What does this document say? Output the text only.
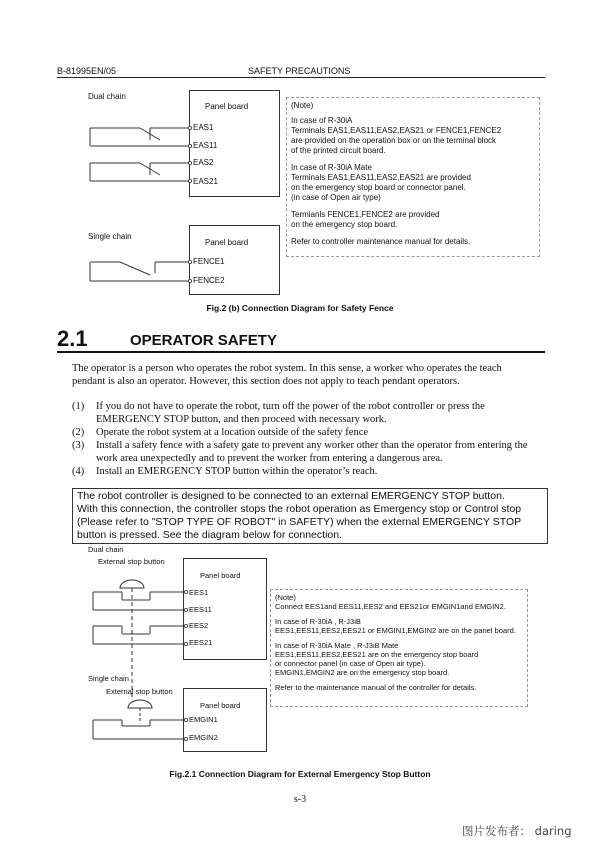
B-81995EN/05	SAFETY PRECAUTIONS
Dual chain
Panel board
EAS1
EAS11
EAS2
EAS21
Single chain
Panel board
FENCE1
FENCE2
(Note)
In case of R-30iA
Terminals EAS1,EAS11,EAS2,EAS21 or FENCE1,FENCE2
are provided on the operation box or on the terminal block
of the printed circuit board.
In case of R-30iA Mate
Terminals EAS1,EAS11,EAS2,EAS21 are provided
on the emergency stop board or connector panel.
(in case of Open air type)
Termianls FENCE1,FENCE2 are provided
on the emergency stop board.
Refer to controller maintenance manual for details.
Fig.2 (b) Connection Diagram for Safety Fence
2.1	OPERATOR SAFETY
The operator is a person who operates the robot system. In this sense, a worker who operates the teach
pendant is also an operator. However, this section does not apply to teach pendant operators.
(1) If you do not have to operate the robot, turn off the power of the robot controller or press the
EMERGENCY STOP button, and then proceed with necessary work.
(2) Operate the robot system at a location outside of the safety fence
(3) Install a safety fence with a safety gate to prevent any worker other than the operator from entering the
work area unexpectedly and to prevent the worker from entering a dangerous area.
(4) Install an EMERGENCY STOP button within the operator’s reach.
The robot controller is designed to be connected to an external EMERGENCY STOP button.
With this connection, the controller stops the robot operation as Emergency stop or Control stop
(Please refer to "STOP TYPE OF ROBOT" in SAFETY) when the external EMERGENCY STOP
button is pressed. See the diagram below for connection.
Dual chain
External stop button
Panel board
EES1
EES11
EES2
EES21
Single chain
External stop button
Panel board
EMGIN1
EMGIN2
(Note)
Connect EES1and EES11,EES2 and EES21or EMGIN1and EMGIN2.
In case of R-30iA , R-J3iB
EES1,EES11,EES2,EES21 or EMGIN1,EMGIN2 are on the panel board.
In case of R-30iA Mate , R-J3iB Mate
EES1,EES11,EES2,EES21 are on the emergency stop board
or connector panel (in case of Open air type).
EMGIN1,EMGIN2 are on the emergency stop board.
Refer to the maintenance manual of the controller for details.
Fig.2.1 Connection Diagram for External Emergency Stop Button
s-3
图片发布者： daring
